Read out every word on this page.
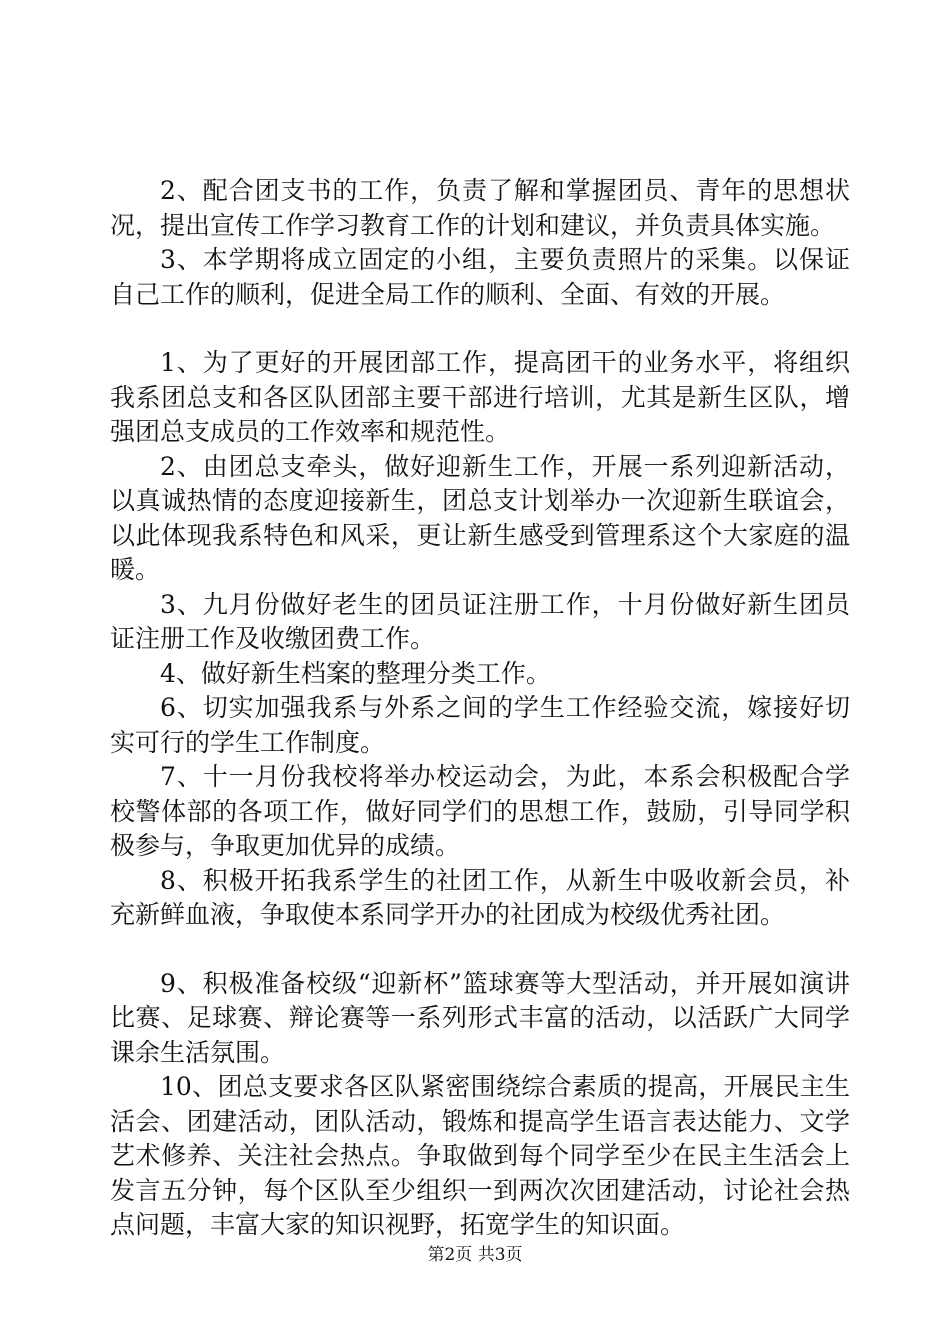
2、配合团支书的工作，负责了解和掌握团员、青年的思想状况，提出宣传工作学习教育工作的计划和建议，并负责具体实施。

3、本学期将成立固定的小组，主要负责照片的采集。以保证自己工作的顺利，促进全局工作的顺利、全面、有效的开展。

1、为了更好的开展团部工作，提高团干的业务水平，将组织我系团总支和各区队团部主要干部进行培训，尤其是新生区队，增强团总支成员的工作效率和规范性。

2、由团总支牵头，做好迎新生工作，开展一系列迎新活动，以真诚热情的态度迎接新生，团总支计划举办一次迎新生联谊会，以此体现我系特色和风采，更让新生感受到管理系这个大家庭的温暖。

3、九月份做好老生的团员证注册工作，十月份做好新生团员证注册工作及收缴团费工作。

4、做好新生档案的整理分类工作。

6、切实加强我系与外系之间的学生工作经验交流，嫁接好切实可行的学生工作制度。

7、十一月份我校将举办校运动会，为此，本系会积极配合学校警体部的各项工作，做好同学们的思想工作，鼓励，引导同学积极参与，争取更加优异的成绩。

8、积极开拓我系学生的社团工作，从新生中吸收新会员，补充新鲜血液，争取使本系同学开办的社团成为校级优秀社团。

9、积极准备校级“迎新杯”篮球赛等大型活动，并开展如演讲比赛、足球赛、辩论赛等一系列形式丰富的活动，以活跃广大同学课余生活氛围。

10、团总支要求各区队紧密围绕综合素质的提高，开展民主生活会、团建活动，团队活动，锻炼和提高学生语言表达能力、文学艺术修养、关注社会热点。争取做到每个同学至少在民主生活会上发言五分钟，每个区队至少组织一到两次次团建活动，讨论社会热点问题，丰富大家的知识视野，拓宽学生的知识面。

第2页 共3页
